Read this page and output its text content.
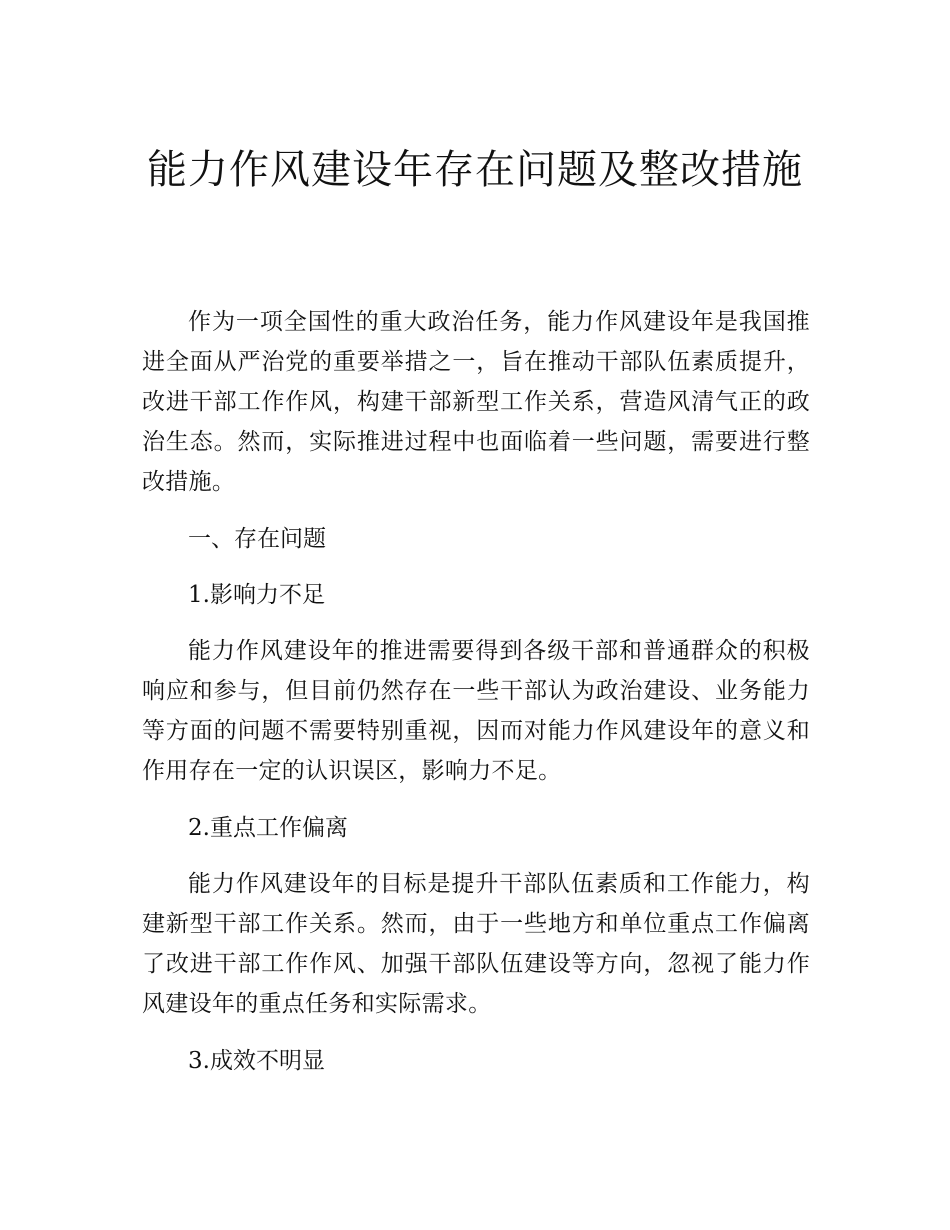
能力作风建设年存在问题及整改措施

作为一项全国性的重大政治任务，能力作风建设年是我国推进全面从严治党的重要举措之一，旨在推动干部队伍素质提升，改进干部工作作风，构建干部新型工作关系，营造风清气正的政治生态。然而，实际推进过程中也面临着一些问题，需要进行整改措施。

一、存在问题

1.影响力不足

能力作风建设年的推进需要得到各级干部和普通群众的积极响应和参与，但目前仍然存在一些干部认为政治建设、业务能力等方面的问题不需要特别重视，因而对能力作风建设年的意义和作用存在一定的认识误区，影响力不足。

2.重点工作偏离

能力作风建设年的目标是提升干部队伍素质和工作能力，构建新型干部工作关系。然而，由于一些地方和单位重点工作偏离了改进干部工作作风、加强干部队伍建设等方向，忽视了能力作风建设年的重点任务和实际需求。

3.成效不明显
